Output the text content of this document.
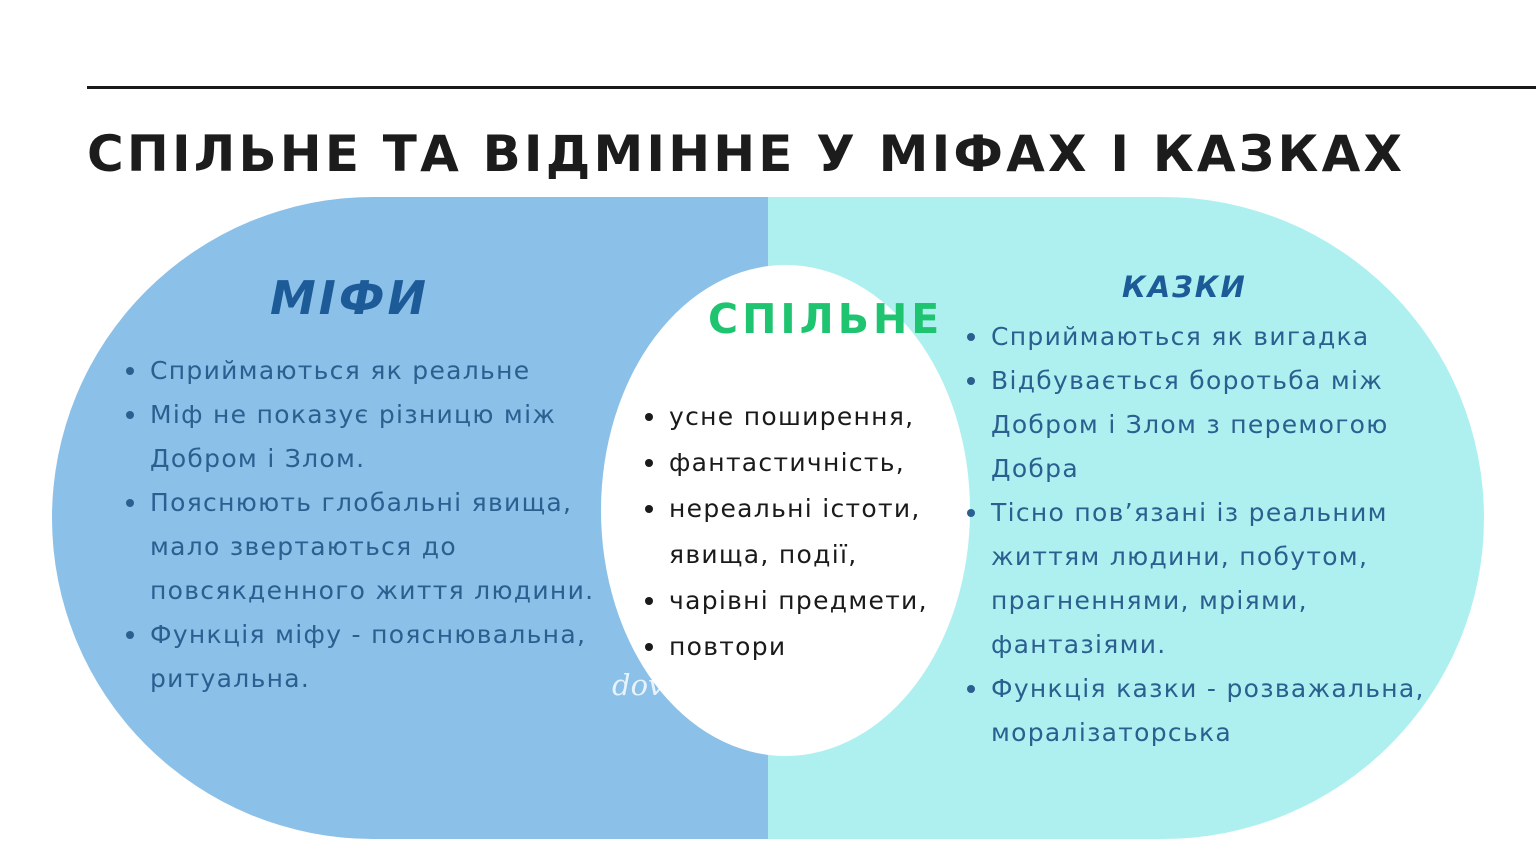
СПІЛЬНЕ ТА ВІДМІННЕ У МІФАХ І КАЗКАХ
МІФИ	СПІЛЬНЕ
КАЗКИ
Сприймаються як реальне
Міф не показує різницю між Добром і Злом.
Пояснюють глобальні явища, мало звертаються до повсякденного життя людини.
Функція міфу - пояснювальна, ритуальна.
усне поширення,
фантастичність,
нереальні істоти, явища, події,
чарівні предмети,
повтори
Сприймаються як вигадка
Відбувається боротьба між Добром і Злом з перемогою Добра
Тісно пов’язані із реальним життям людини, побутом, прагненнями, мріями, фантазіями.
Функція казки - розважальна, моралізаторська
dovidka.biz.ua
